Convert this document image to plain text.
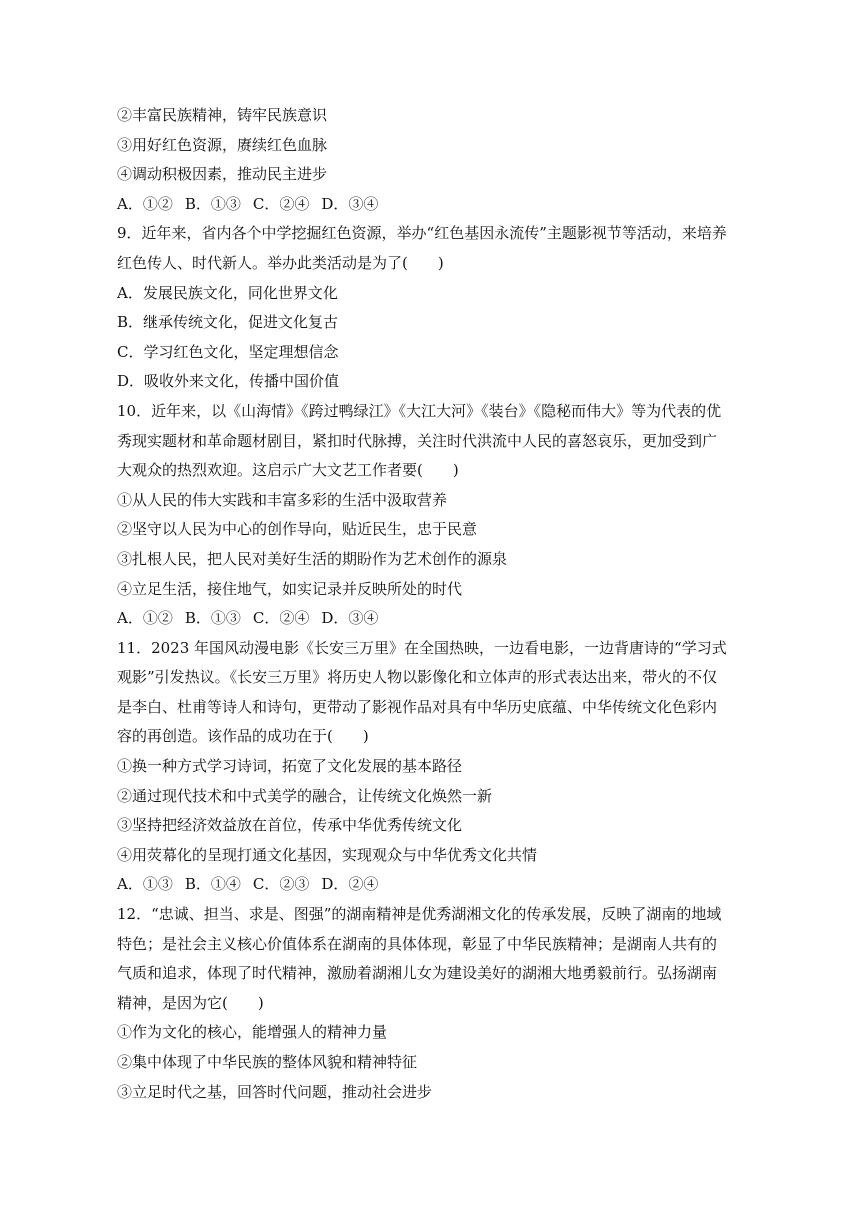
②丰富民族精神，铸牢民族意识
③用好红色资源，赓续红色血脉
④调动积极因素，推动民主进步
A．①② B．①③ C．②④ D．③④
9．近年来，省内各个中学挖掘红色资源，举办“红色基因永流传”主题影视节等活动，来培养
红色传人、时代新人。举办此类活动是为了(　　)
A．发展民族文化，同化世界文化
B．继承传统文化，促进文化复古
C．学习红色文化，坚定理想信念
D．吸收外来文化，传播中国价值
10．近年来，以《山海情》《跨过鸭绿江》《大江大河》《装台》《隐秘而伟大》等为代表的优
秀现实题材和革命题材剧目，紧扣时代脉搏，关注时代洪流中人民的喜怒哀乐，更加受到广
大观众的热烈欢迎。这启示广大文艺工作者要(　　)
①从人民的伟大实践和丰富多彩的生活中汲取营养
②坚守以人民为中心的创作导向，贴近民生，忠于民意
③扎根人民，把人民对美好生活的期盼作为艺术创作的源泉
④立足生活，接住地气，如实记录并反映所处的时代
A．①② B．①③ C．②④ D．③④
11．2023 年国风动漫电影《长安三万里》在全国热映，一边看电影，一边背唐诗的“学习式
观影”引发热议。《长安三万里》将历史人物以影像化和立体声的形式表达出来，带火的不仅
是李白、杜甫等诗人和诗句，更带动了影视作品对具有中华历史底蕴、中华传统文化色彩内
容的再创造。该作品的成功在于(　　)
①换一种方式学习诗词，拓宽了文化发展的基本路径
②通过现代技术和中式美学的融合，让传统文化焕然一新
③坚持把经济效益放在首位，传承中华优秀传统文化
④用荧幕化的呈现打通文化基因，实现观众与中华优秀文化共情
A．①③ B．①④ C．②③ D．②④
12．“忠诚、担当、求是、图强”的湖南精神是优秀湖湘文化的传承发展，反映了湖南的地域
特色；是社会主义核心价值体系在湖南的具体体现，彰显了中华民族精神；是湖南人共有的
气质和追求，体现了时代精神，激励着湖湘儿女为建设美好的湖湘大地勇毅前行。弘扬湖南
精神，是因为它(　　)
①作为文化的核心，能增强人的精神力量
②集中体现了中华民族的整体风貌和精神特征
③立足时代之基，回答时代问题，推动社会进步
